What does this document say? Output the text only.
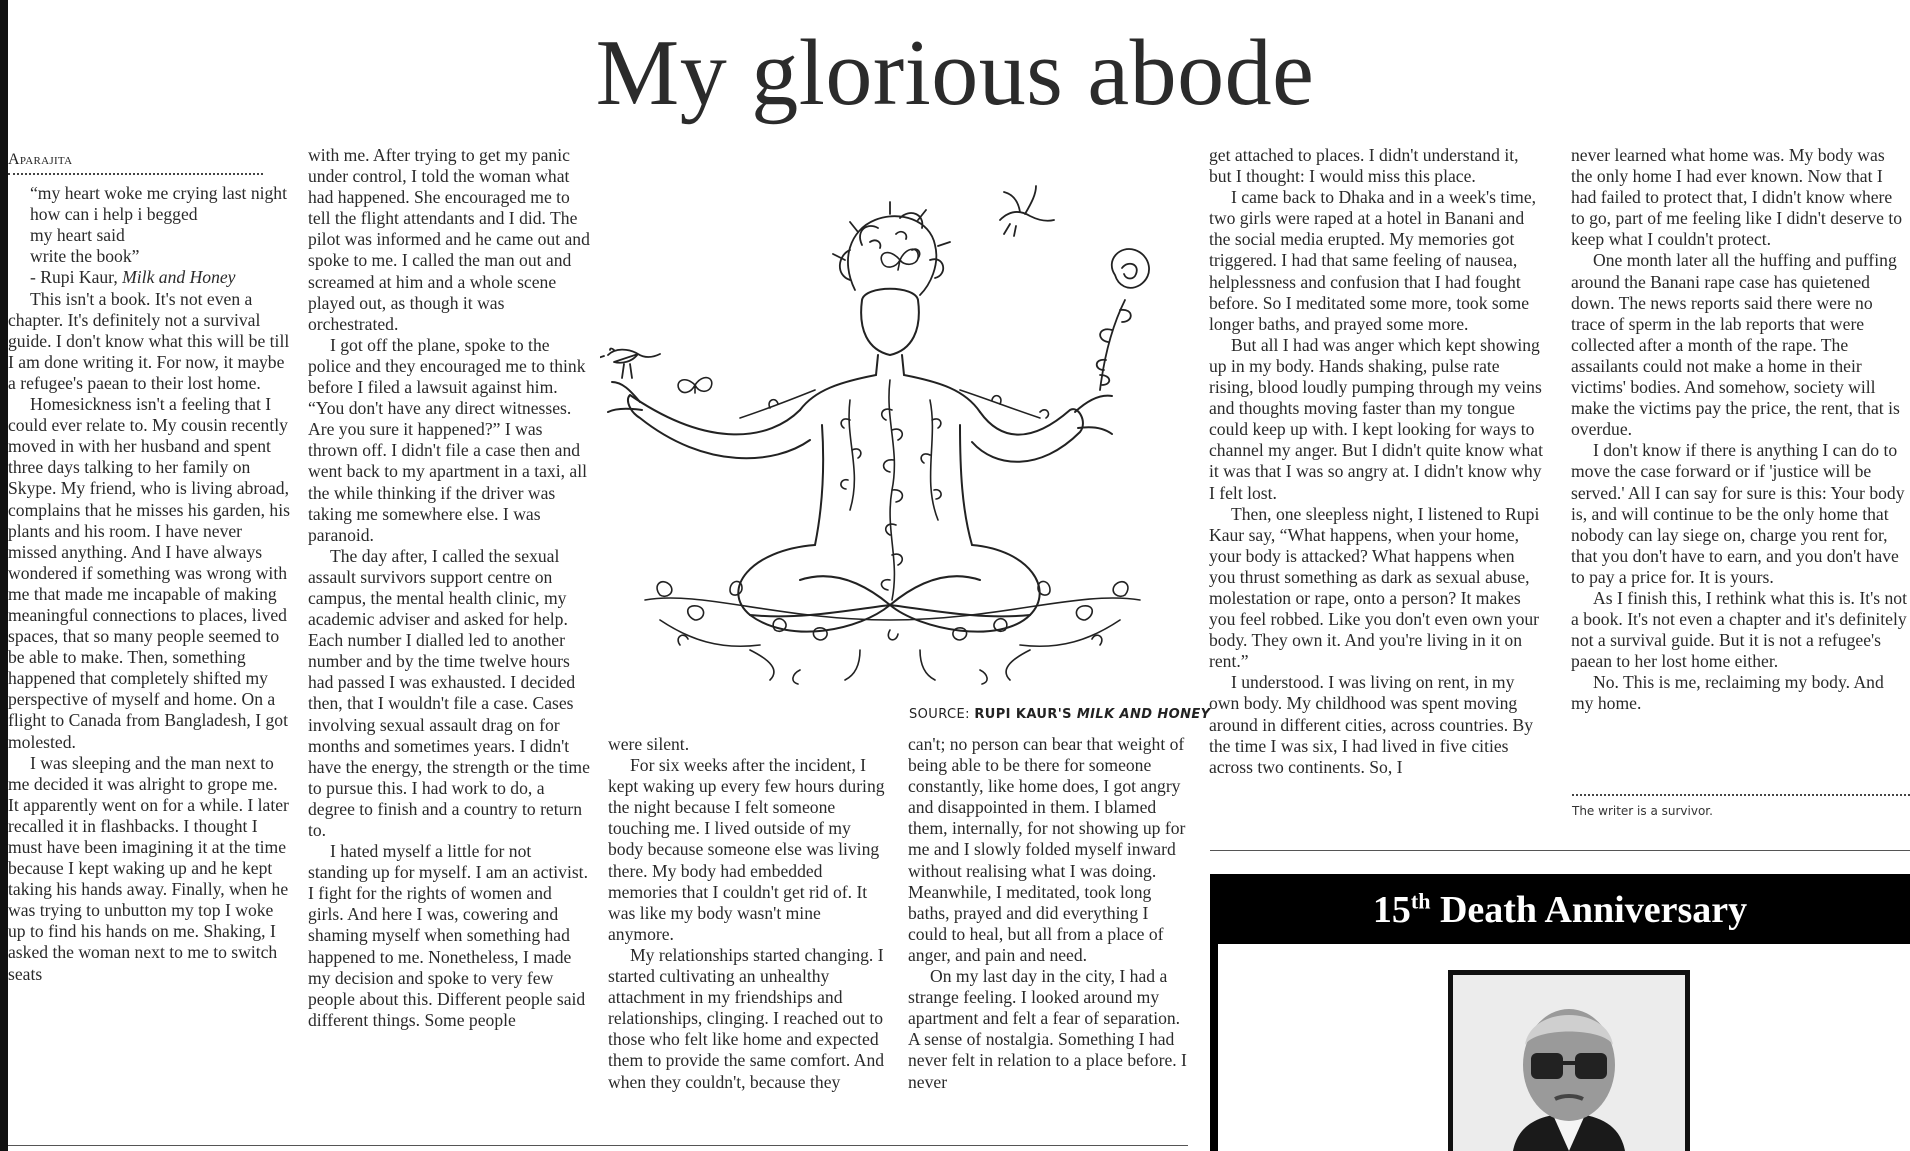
My glorious abode
Aparajita

“my heart woke me crying last night

how can i help i begged

my heart said

write the book”

- Rupi Kaur, Milk and Honey

This isn't a book. It's not even a chapter. It's definitely not a survival guide. I don't know what this will be till I am done writing it. For now, it maybe a refugee's paean to their lost home.

Homesickness isn't a feeling that I could ever relate to. My cousin recently moved in with her husband and spent three days talking to her family on Skype. My friend, who is living abroad, complains that he misses his garden, his plants and his room. I have never missed anything. And I have always wondered if something was wrong with me that made me incapable of making meaningful connections to places, lived spaces, that so many people seemed to be able to make. Then, something happened that completely shifted my perspective of myself and home. On a flight to Canada from Bangladesh, I got molested.

I was sleeping and the man next to me decided it was alright to grope me. It apparently went on for a while. I later recalled it in flashbacks. I thought I must have been imagining it at the time because I kept waking up and he kept taking his hands away. Finally, when he was trying to unbutton my top I woke up to find his hands on me. Shaking, I asked the woman next to me to switch seats

with me. After trying to get my panic under control, I told the woman what had happened. She encouraged me to tell the flight attendants and I did. The pilot was informed and he came out and spoke to me. I called the man out and screamed at him and a whole scene played out, as though it was orchestrated.

I got off the plane, spoke to the police and they encouraged me to think before I filed a lawsuit against him. “You don't have any direct witnesses. Are you sure it happened?” I was thrown off. I didn't file a case then and went back to my apartment in a taxi, all the while thinking if the driver was taking me somewhere else. I was paranoid.

The day after, I called the sexual assault survivors support centre on campus, the mental health clinic, my academic adviser and asked for help. Each number I dialled led to another number and by the time twelve hours had passed I was exhausted. I decided then, that I wouldn't file a case. Cases involving sexual assault drag on for months and sometimes years. I didn't have the energy, the strength or the time to pursue this. I had work to do, a degree to finish and a country to return to.

I hated myself a little for not standing up for myself. I am an activist. I fight for the rights of women and girls. And here I was, cowering and shaming myself when something had happened to me. Nonetheless, I made my decision and spoke to very few people about this. Different people said different things. Some people

SOURCE: RUPI KAUR'S MILK AND HONEY

were silent.

For six weeks after the incident, I kept waking up every few hours during the night because I felt someone touching me. I lived outside of my body because someone else was living there. My body had embedded memories that I couldn't get rid of. It was like my body wasn't mine anymore.

My relationships started changing. I started cultivating an unhealthy attachment in my friendships and relationships, clinging. I reached out to those who felt like home and expected them to provide the same comfort. And when they couldn't, because they

can't; no person can bear that weight of being able to be there for someone constantly, like home does, I got angry and disappointed in them. I blamed them, internally, for not showing up for me and I slowly folded myself inward without realising what I was doing. Meanwhile, I meditated, took long baths, prayed and did everything I could to heal, but all from a place of anger, and pain and need.

On my last day in the city, I had a strange feeling. I looked around my apartment and felt a fear of separation. A sense of nostalgia. Something I had never felt in relation to a place before. I never

get attached to places. I didn't understand it, but I thought: I would miss this place.

I came back to Dhaka and in a week's time, two girls were raped at a hotel in Banani and the social media erupted. My memories got triggered. I had that same feeling of nausea, helplessness and confusion that I had fought before. So I meditated some more, took some longer baths, and prayed some more.

But all I had was anger which kept showing up in my body. Hands shaking, pulse rate rising, blood loudly pumping through my veins and thoughts moving faster than my tongue could keep up with. I kept looking for ways to channel my anger. But I didn't quite know what it was that I was so angry at. I didn't know why I felt lost.

Then, one sleepless night, I listened to Rupi Kaur say, “What happens, when your home, your body is attacked? What happens when you thrust something as dark as sexual abuse, molestation or rape, onto a person? It makes you feel robbed. Like you don't even own your body. They own it. And you're living in it on rent.”

I understood. I was living on rent, in my own body. My childhood was spent moving around in different cities, across countries. By the time I was six, I had lived in five cities across two continents. So, I

never learned what home was. My body was the only home I had ever known. Now that I had failed to protect that, I didn't know where to go, part of me feeling like I didn't deserve to keep what I couldn't protect.

One month later all the huffing and puffing around the Banani rape case has quietened down. The news reports said there were no trace of sperm in the lab reports that were collected after a month of the rape. The assailants could not make a home in their victims' bodies. And somehow, society will make the victims pay the price, the rent, that is overdue.

I don't know if there is anything I can do to move the case forward or if 'justice will be served.' All I can say for sure is this: Your body is, and will continue to be the only home that nobody can lay siege on, charge you rent for, that you don't have to earn, and you don't have to pay a price for. It is yours.

As I finish this, I rethink what this is. It's not a book. It's not even a chapter and it's definitely not a survival guide. But it is not a refugee's paean to her lost home either.

No. This is me, reclaiming my body. And my home.

The writer is a survivor.
15th Death Anniversary
